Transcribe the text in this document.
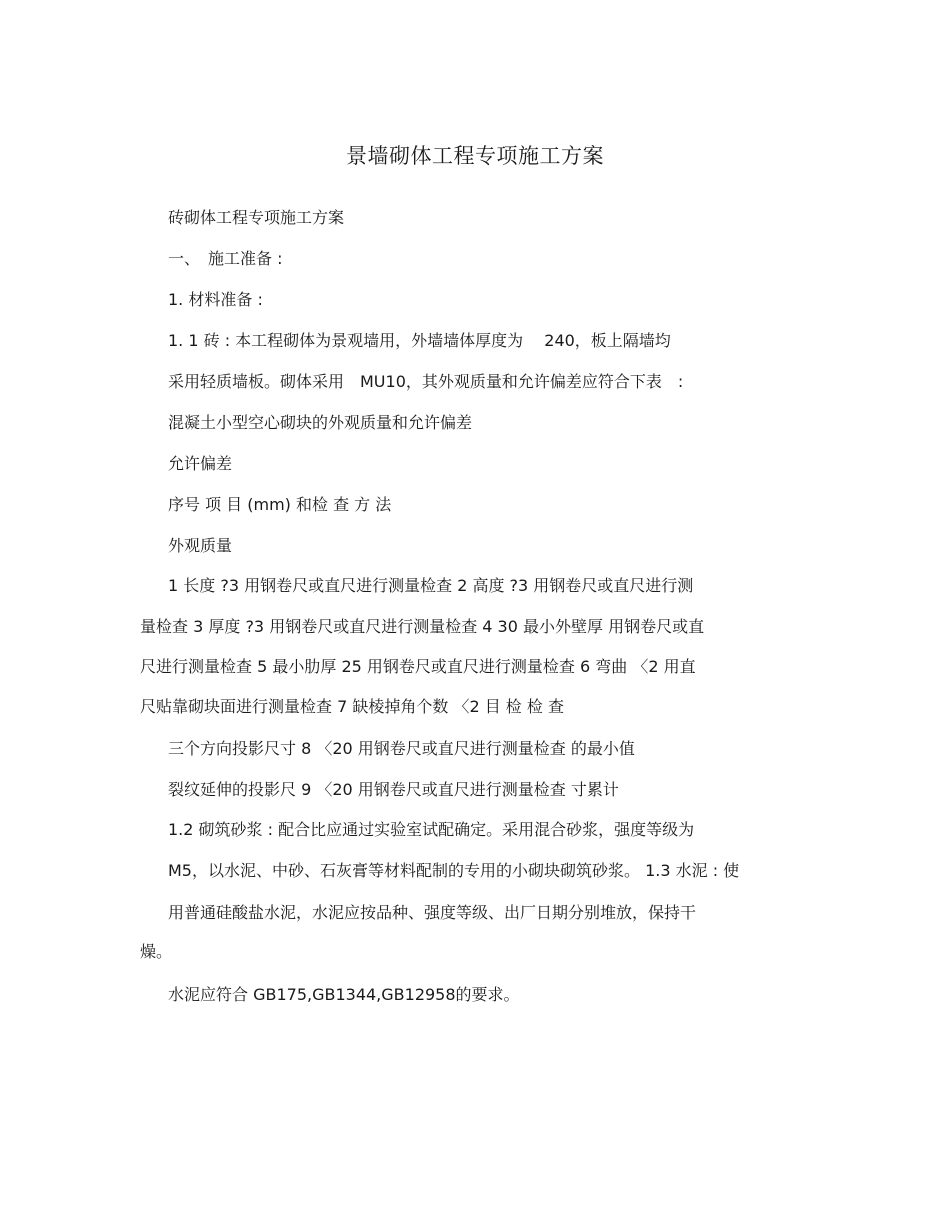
景墙砌体工程专项施工方案
砖砌体工程专项施工方案
一、　施工准备 :
1. 材料准备 :
1. 1 砖 : 本工程砌体为景观墙用，外墙墙体厚度为　 240，板上隔墙均
采用轻质墙板。砌体采用　MU10，其外观质量和允许偏差应符合下表　:
混凝土小型空心砌块的外观质量和允许偏差
允许偏差
序号 项 目 (mm) 和检 查 方 法
外观质量
1 长度 ?3 用钢卷尺或直尺进行测量检查 2 高度 ?3 用钢卷尺或直尺进行测
量检查 3 厚度 ?3 用钢卷尺或直尺进行测量检查 4 30 最小外壁厚 用钢卷尺或直
尺进行测量检查 5 最小肋厚 25 用钢卷尺或直尺进行测量检查 6 弯曲 〈2 用直
尺贴靠砌块面进行测量检查 7 缺棱掉角个数 〈2 目 检 检 查
三个方向投影尺寸 8 〈20 用钢卷尺或直尺进行测量检查 的最小值
裂纹延伸的投影尺 9 〈20 用钢卷尺或直尺进行测量检查 寸累计
1.2 砌筑砂浆 : 配合比应通过实验室试配确定。采用混合砂浆，强度等级为
M5，以水泥、中砂、石灰膏等材料配制的专用的小砌块砌筑砂浆。 1.3 水泥 : 使
用普通硅酸盐水泥，水泥应按品种、强度等级、出厂日期分别堆放，保持干
燥。
水泥应符合 GB175,GB1344,GB12958的要求。
